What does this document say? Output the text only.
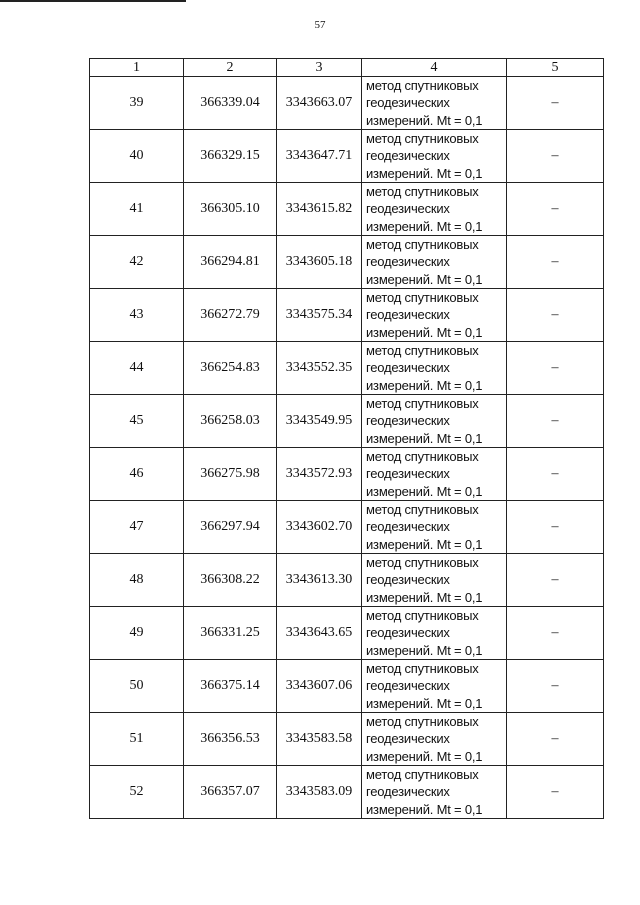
57
1	2	3	4	5
39	366339.04	3343663.07	метод спутниковых
геодезических
измерений. Mt = 0,1	–
40	366329.15	3343647.71	метод спутниковых
геодезических
измерений. Mt = 0,1	–
41	366305.10	3343615.82	метод спутниковых
геодезических
измерений. Mt = 0,1	–
42	366294.81	3343605.18	метод спутниковых
геодезических
измерений. Mt = 0,1	–
43	366272.79	3343575.34	метод спутниковых
геодезических
измерений. Mt = 0,1	–
44	366254.83	3343552.35	метод спутниковых
геодезических
измерений. Mt = 0,1	–
45	366258.03	3343549.95	метод спутниковых
геодезических
измерений. Mt = 0,1	–
46	366275.98	3343572.93	метод спутниковых
геодезических
измерений. Mt = 0,1	–
47	366297.94	3343602.70	метод спутниковых
геодезических
измерений. Mt = 0,1	–
48	366308.22	3343613.30	метод спутниковых
геодезических
измерений. Mt = 0,1	–
49	366331.25	3343643.65	метод спутниковых
геодезических
измерений. Mt = 0,1	–
50	366375.14	3343607.06	метод спутниковых
геодезических
измерений. Mt = 0,1	–
51	366356.53	3343583.58	метод спутниковых
геодезических
измерений. Mt = 0,1	–
52	366357.07	3343583.09	метод спутниковых
геодезических
измерений. Mt = 0,1	–
